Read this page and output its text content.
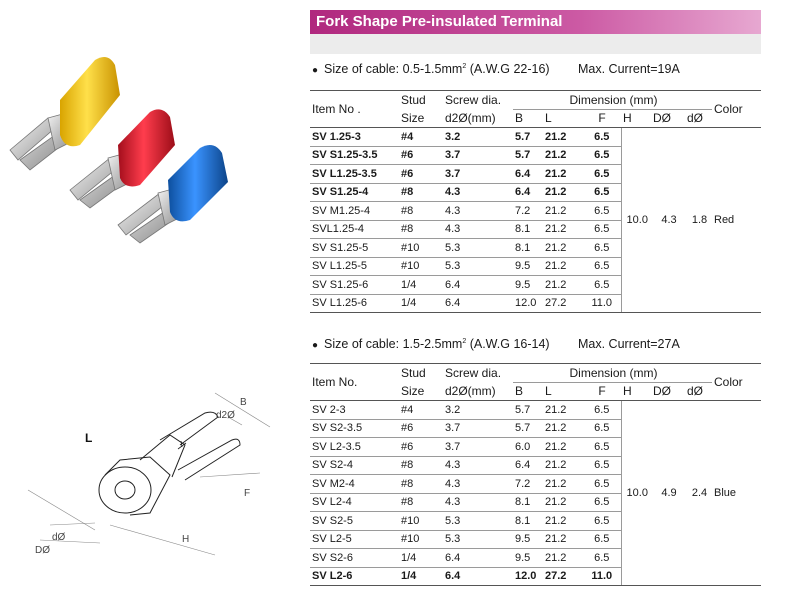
Fork Shape Pre-insulated Terminal
L
B
d2Ø
F
H
dØ
DØ
● Size of cable: $0.5-1.5mm^2$ (A.W.G 22-16) Max. Current=19A
Item No .	Stud	Screw dia.	Dimension (mm)						Color
	Size	d2Ø(mm)	B	L	F	H	DØ	dØ	
SV 1.25-3	#4	3.2	5.7	21.2	6.5	10.0	4.3	1.8	Red
SV S1.25-3.5	#6	3.7	5.7	21.2	6.5				
SV L1.25-3.5	#6	3.7	6.4	21.2	6.5				
SV S1.25-4	#8	4.3	6.4	21.2	6.5				
SV M1.25-4	#8	4.3	7.2	21.2	6.5				
SVL1.25-4	#8	4.3	8.1	21.2	6.5				
SV S1.25-5	#10	5.3	8.1	21.2	6.5				
SV L1.25-5	#10	5.3	9.5	21.2	6.5				
SV S1.25-6	1/4	6.4	9.5	21.2	6.5				
SV L1.25-6	1/4	6.4	12.0	27.2	11.0				
● Size of cable: $1.5-2.5mm^2$ (A.W.G 16-14) Max. Current=27A
Item No.	Stud	Screw dia.	Dimension (mm)						Color
	Size	d2Ø(mm)	B	L	F	H	DØ	dØ	
SV 2-3	#4	3.2	5.7	21.2	6.5	10.0	4.9	2.4	Blue
SV S2-3.5	#6	3.7	5.7	21.2	6.5				
SV L2-3.5	#6	3.7	6.0	21.2	6.5				
SV S2-4	#8	4.3	6.4	21.2	6.5				
SV M2-4	#8	4.3	7.2	21.2	6.5				
SV L2-4	#8	4.3	8.1	21.2	6.5				
SV S2-5	#10	5.3	8.1	21.2	6.5				
SV L2-5	#10	5.3	9.5	21.2	6.5				
SV S2-6	1/4	6.4	9.5	21.2	6.5				
SV L2-6	1/4	6.4	12.0	27.2	11.0				
